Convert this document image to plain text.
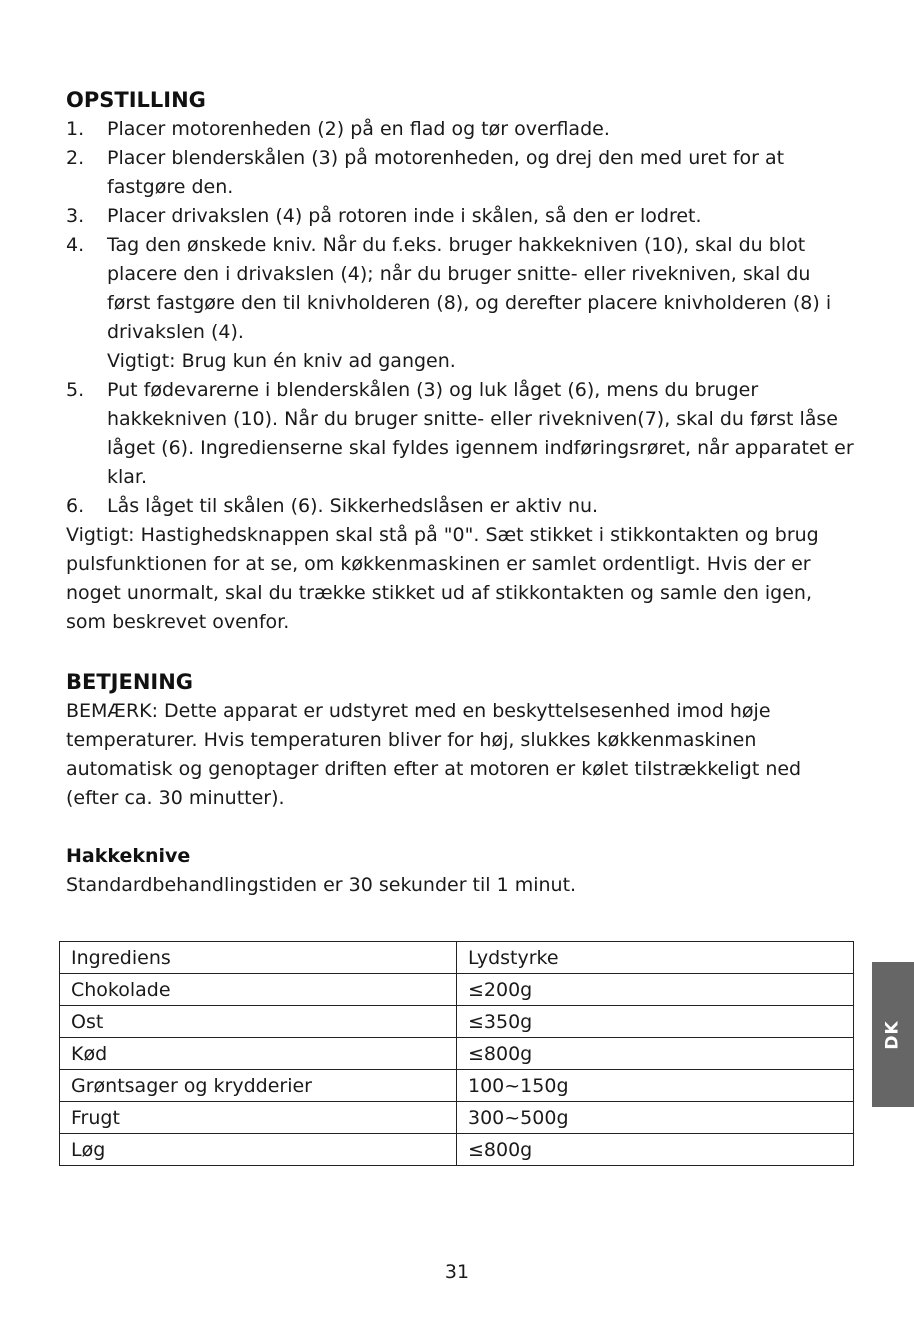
OPSTILLING
1. Placer motorenheden (2) på en flad og tør overflade.
2. Placer blenderskålen (3) på motorenheden, og drej den med uret for at fastgøre den.
3. Placer drivakslen (4) på rotoren inde i skålen, så den er lodret.
4. Tag den ønskede kniv. Når du f.eks. bruger hakkekniven (10), skal du blot placere den i drivakslen (4); når du bruger snitte- eller rivekniven, skal du først fastgøre den til knivholderen (8), og derefter placere knivholderen (8) i drivakslen (4).
Vigtigt: Brug kun én kniv ad gangen.
5. Put fødevarerne i blenderskålen (3) og luk låget (6), mens du bruger hakkekniven (10). Når du bruger snitte- eller rivekniven(7), skal du først låse låget (6). Ingredienserne skal fyldes igennem indføringsrøret, når apparatet er klar.
6. Lås låget til skålen (6). Sikkerhedslåsen er aktiv nu.

Vigtigt: Hastighedsknappen skal stå på "0". Sæt stikket i stikkontakten og brug pulsfunktionen for at se, om køkkenmaskinen er samlet ordentligt. Hvis der er noget unormalt, skal du trække stikket ud af stikkontakten og samle den igen, som beskrevet ovenfor.

BETJENING

BEMÆRK: Dette apparat er udstyret med en beskyttelsesenhed imod høje temperaturer. Hvis temperaturen bliver for høj, slukkes køkkenmaskinen automatisk og genoptager driften efter at motoren er kølet tilstrækkeligt ned (efter ca. 30 minutter).

Hakkeknive

Standardbehandlingstiden er 30 sekunder til 1 minut.

Ingrediens	Lydstyrke
Chokolade	≤200g
Ost	≤350g
Kød	≤800g
Grøntsager og krydderier	100~150g
Frugt	300~500g
Løg	≤800g
DK
31
